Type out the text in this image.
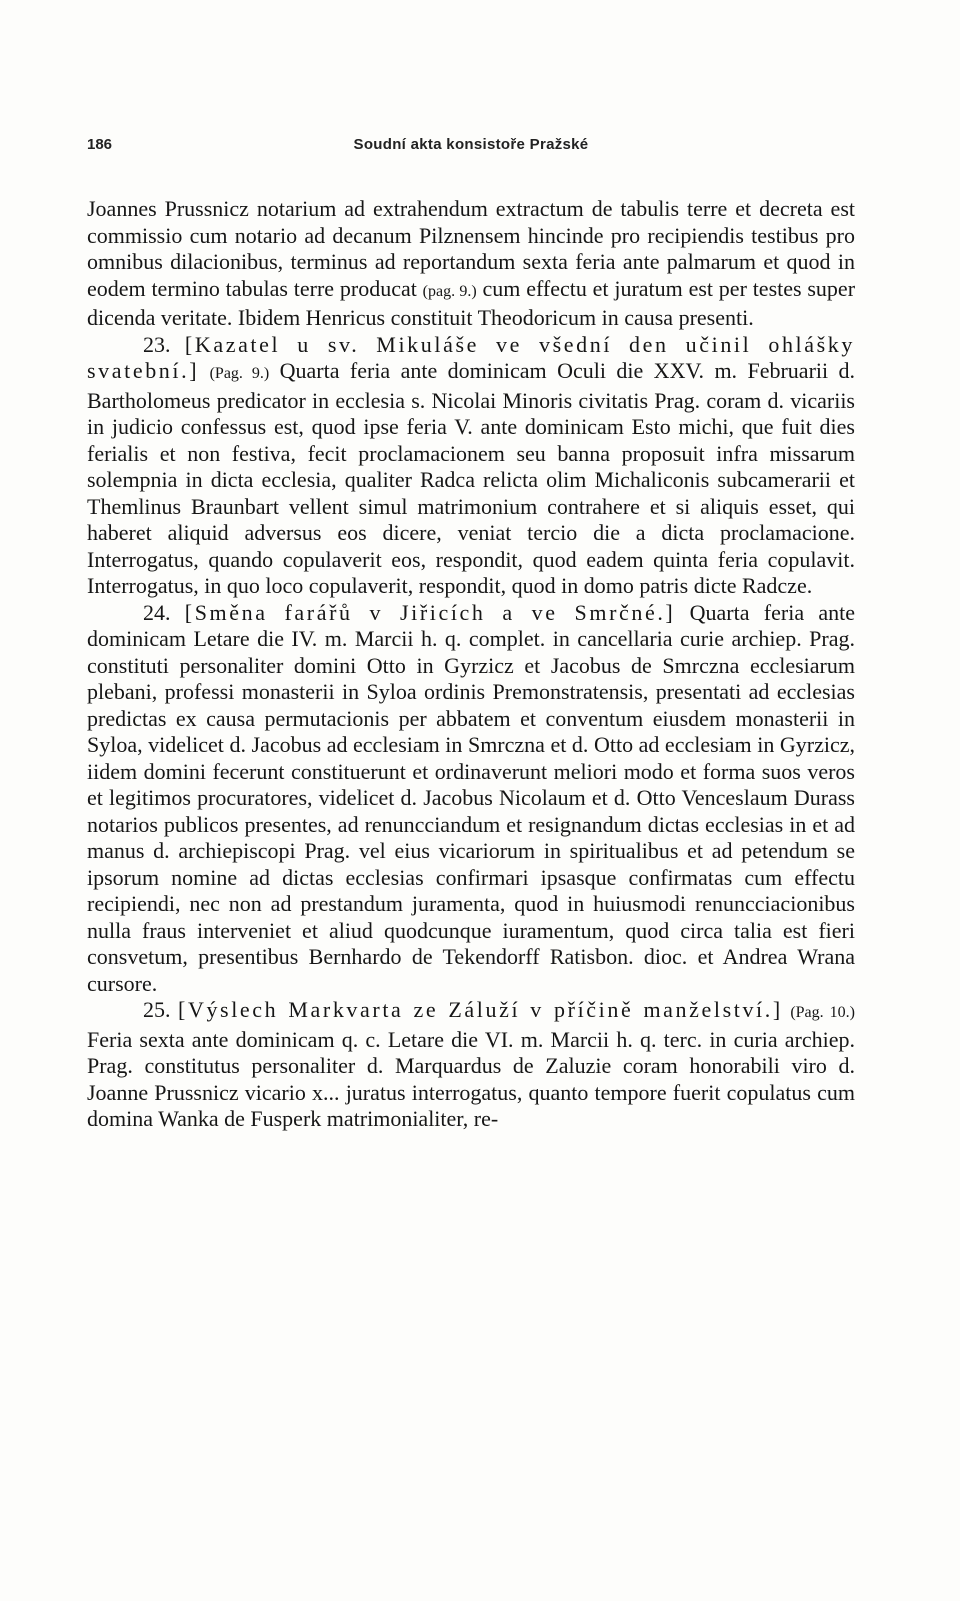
186	Soudní akta konsistoře Pražské

Joannes Prussnicz notarium ad extrahendum extractum de tabulis terre et decreta est commissio cum notario ad decanum Pilznensem hincinde pro recipiendis testibus pro omnibus dilacionibus, terminus ad reportandum sexta feria ante palmarum et quod in eodem termino tabulas terre producat (pag. 9.) cum effectu et juratum est per testes super dicenda veritate. Ibidem Henricus constituit Theodoricum in causa presenti.

23. [Kazatel u sv. Mikuláše ve všední den učinil ohlášky svatební.] (Pag. 9.) Quarta feria ante dominicam Oculi die XXV. m. Februarii d. Bartholomeus predicator in ecclesia s. Nicolai Minoris civitatis Prag. coram d. vicariis in judicio confessus est, quod ipse feria V. ante dominicam Esto michi, que fuit dies ferialis et non festiva, fecit proclamacionem seu banna proposuit infra missarum solempnia in dicta ecclesia, qualiter Radca relicta olim Michaliconis subcamerarii et Themlinus Braunbart vellent simul matrimonium contrahere et si aliquis esset, qui haberet aliquid adversus eos dicere, veniat tercio die a dicta proclamacione. Interrogatus, quando copulaverit eos, respondit, quod eadem quinta feria copulavit. Interrogatus, in quo loco copulaverit, respondit, quod in domo patris dicte Radcze.

24. [Směna farářů v Jiřicích a ve Smrčné.] Quarta feria ante dominicam Letare die IV. m. Marcii h. q. complet. in cancellaria curie archiep. Prag. constituti personaliter domini Otto in Gyrzicz et Jacobus de Smrczna ecclesiarum plebani, professi monasterii in Syloa ordinis Premonstratensis, presentati ad ecclesias predictas ex causa permutacionis per abbatem et conventum eiusdem monasterii in Syloa, videlicet d. Jacobus ad ecclesiam in Smrczna et d. Otto ad ecclesiam in Gyrzicz, iidem domini fecerunt constituerunt et ordinaverunt meliori modo et forma suos veros et legitimos procuratores, videlicet d. Jacobus Nicolaum et d. Otto Venceslaum Durass notarios publicos presentes, ad renuncciandum et resignandum dictas ecclesias in et ad manus d. archiepiscopi Prag. vel eius vicariorum in spiritualibus et ad petendum se ipsorum nomine ad dictas ecclesias confirmari ipsasque confirmatas cum effectu recipiendi, nec non ad prestandum juramenta, quod in huiusmodi renuncciacionibus nulla fraus interveniet et aliud quodcunque iuramentum, quod circa talia est fieri consvetum, presentibus Bernhardo de Tekendorff Ratisbon. dioc. et Andrea Wrana cursore.

25. [Výslech Markvarta ze Záluží v příčině manželství.] (Pag. 10.) Feria sexta ante dominicam q. c. Letare die VI. m. Marcii h. q. terc. in curia archiep. Prag. constitutus personaliter d. Marquardus de Zaluzie coram honorabili viro d. Joanne Prussnicz vicario x... juratus interrogatus, quanto tempore fuerit copulatus cum domina Wanka de Fusperk matrimonialiter, re-
